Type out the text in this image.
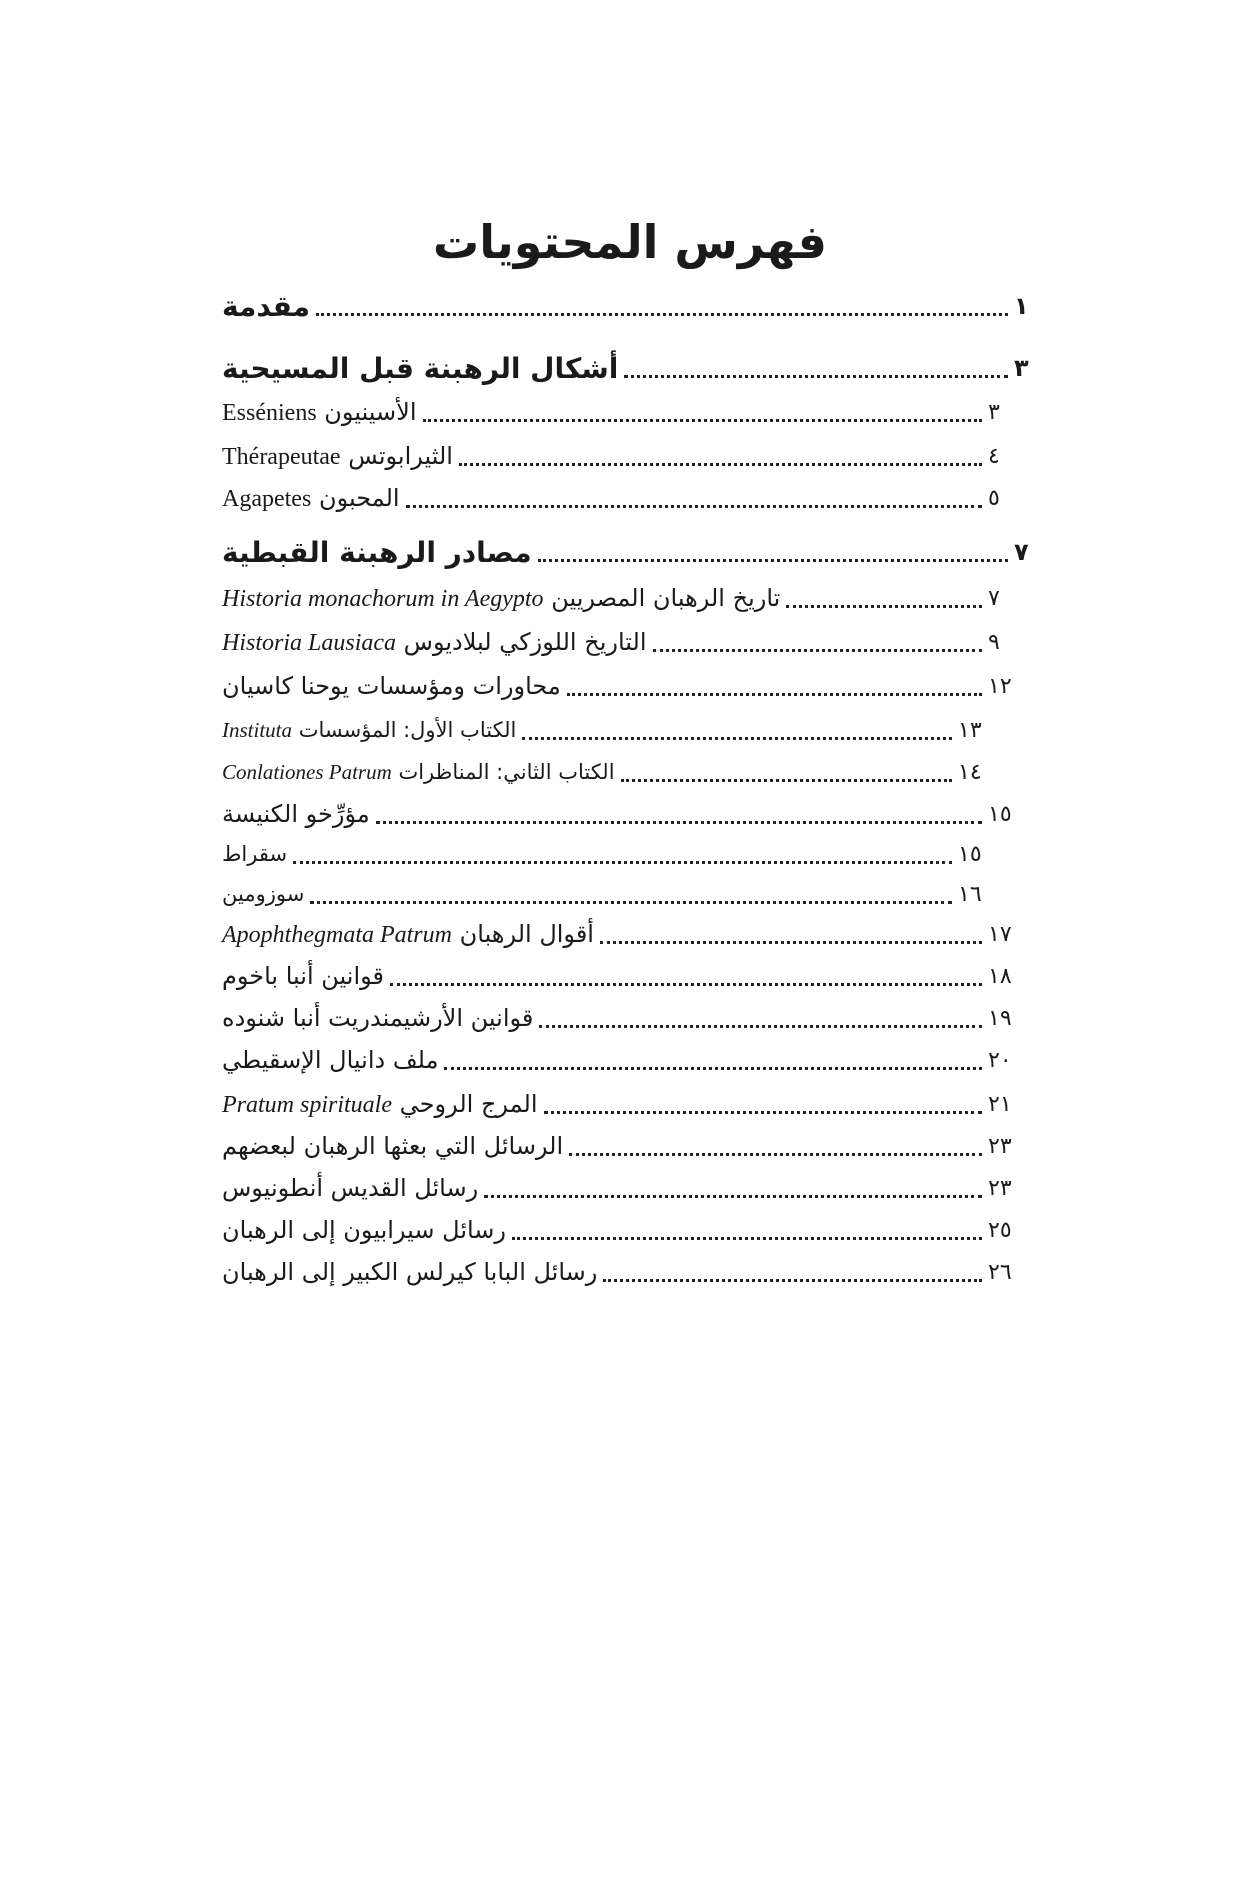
فهرس المحتويات
مقدمة	١
أشكال الرهبنة قبل المسيحية	٣
الأسينيون Esséniens	٣
الثيرابوتس Thérapeutae	٤
المحبون Agapetes	٥
مصادر الرهبنة القبطية	٧
تاريخ الرهبان المصريين Historia monachorum in Aegypto	٧
التاريخ اللوزكي لبلاديوس Historia Lausiaca	٩
محاورات ومؤسسات يوحنا كاسيان	١٢
الكتاب الأول: المؤسسات Instituta	١٣
الكتاب الثاني: المناظرات Conlationes Patrum	١٤
مؤرِّخو الكنيسة	١٥
سقراط	١٥
سوزومين	١٦
أقوال الرهبان Apophthegmata Patrum	١٧
قوانين أنبا باخوم	١٨
قوانين الأرشيمندريت أنبا شنوده	١٩
ملف دانيال الإسقيطي	٢٠
المرج الروحي Pratum spirituale	٢١
الرسائل التي بعثها الرهبان لبعضهم	٢٣
رسائل القديس أنطونيوس	٢٣
رسائل سيرابيون إلى الرهبان	٢٥
رسائل البابا كيرلس الكبير إلى الرهبان	٢٦
